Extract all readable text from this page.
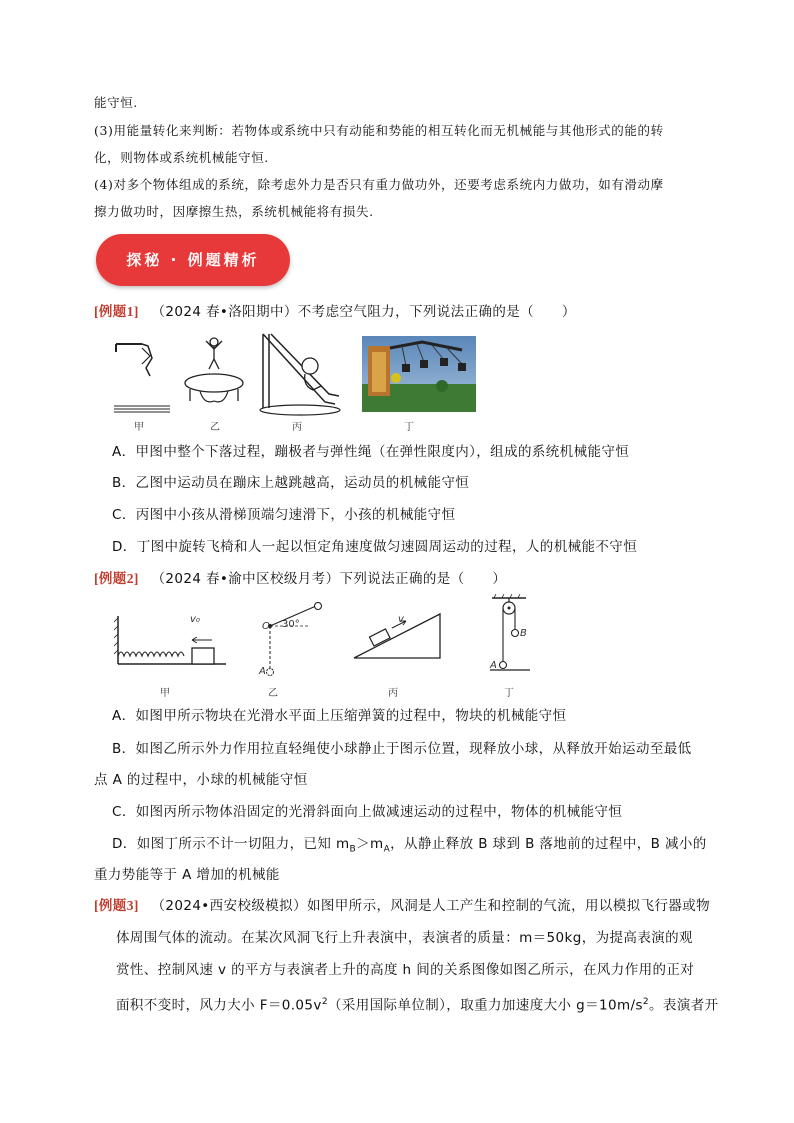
能守恒.
(3)用能量转化来判断：若物体或系统中只有动能和势能的相互转化而无机械能与其他形式的能的转
化，则物体或系统机械能守恒.
(4)对多个物体组成的系统，除考虑外力是否只有重力做功外，还要考虑系统内力做功，如有滑动摩
擦力做功时，因摩擦生热，系统机械能将有损失.
探秘 · 例题精析
[例题1] （2024 春•洛阳期中）不考虑空气阻力，下列说法正确的是（　　）
甲	乙	丙	丁
A．甲图中整个下落过程，蹦极者与弹性绳（在弹性限度内），组成的系统机械能守恒
B．乙图中运动员在蹦床上越跳越高，运动员的机械能守恒
C．丙图中小孩从滑梯顶端匀速滑下，小孩的机械能守恒
D．丁图中旋转飞椅和人一起以恒定角速度做匀速圆周运动的过程，人的机械能不守恒
[例题2] （2024 春•渝中区校级月考）下列说法正确的是（　　）
v₀
甲
O 30°
A
乙
v
丙
B
A
丁
A．如图甲所示物块在光滑水平面上压缩弹簧的过程中，物块的机械能守恒
B．如图乙所示外力作用拉直轻绳使小球静止于图示位置，现释放小球，从释放开始运动至最低
点 A 的过程中，小球的机械能守恒
C．如图丙所示物体沿固定的光滑斜面向上做减速运动的过程中，物体的机械能守恒
D．如图丁所示不计一切阻力，已知 $m_B>m_A$，从静止释放 B 球到 B 落地前的过程中，B 减小的
重力势能等于 A 增加的机械能
[例题3] （2024•西安校级模拟）如图甲所示，风洞是人工产生和控制的气流，用以模拟飞行器或物
体周围气体的流动。在某次风洞飞行上升表演中，表演者的质量：m＝50kg，为提高表演的观
赏性、控制风速 v 的平方与表演者上升的高度 h 间的关系图像如图乙所示，在风力作用的正对
面积不变时，风力大小 $F=0.05v^2$（采用国际单位制），取重力加速度大小 $g=10m/s^2$。表演者开
